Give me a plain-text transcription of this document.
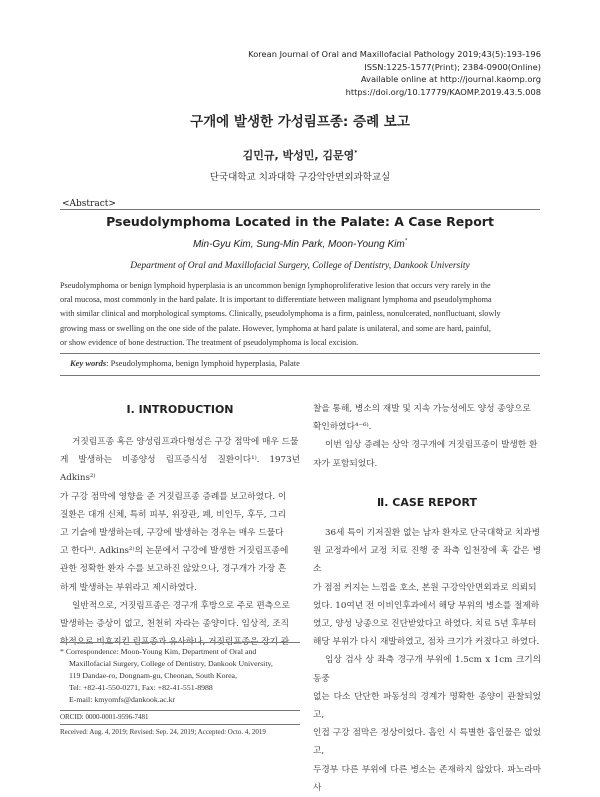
Korean Journal of Oral and Maxillofacial Pathology 2019;43(5):193-196
ISSN:1225-1577(Print); 2384-0900(Online)
Available online at http://journal.kaomp.org
https://doi.org/10.17779/KAOMP.2019.43.5.008
구개에 발생한 가성림프종: 증례 보고
김민규, 박성민, 김문영*
단국대학교 치과대학 구강악안면외과학교실
<Abstract>
Pseudolymphoma Located in the Palate: A Case Report
Min-Gyu Kim, Sung-Min Park, Moon-Young Kim*
Department of Oral and Maxillofacial Surgery, College of Dentistry, Dankook University
Pseudolymphoma or benign lymphoid hyperplasia is an uncommon benign lymphoproliferative lesion that occurs very rarely in the
oral mucosa, most commonly in the hard palate. It is important to differentiate between malignant lymphoma and pseudolymphoma
with similar clinical and morphological symptoms. Clinically, pseudolymphoma is a firm, painless, nonulcerated, nonfluctuant, slowly
growing mass or swelling on the one side of the palate. However, lymphoma at hard palate is unilateral, and some are hard, painful,
or show evidence of bone destruction. The treatment of pseudolymphoma is local excision.
Key words: Pseudolymphoma, benign lymphoid hyperplasia, Palate
Ⅰ. INTRODUCTION
거짓림프종 혹은 양성림프과다형성은 구강 점막에 매우 드물
게 발생하는 비종양성 림프증식성 질환이다¹⁾. 1973년 Adkins²⁾
가 구강 점막에 영향을 준 거짓림프종 증례를 보고하였다. 이
질환은 대개 신체, 특히 피부, 위장관, 폐, 비인두, 후두, 그리
고 기슭에 발생하는데, 구강에 발생하는 경우는 매우 드물다
고 한다³⁾. Adkins²⁾의 논문에서 구강에 발생한 거짓림프종에
관한 정확한 환자 수를 보고하진 않았으나, 경구개가 가장 흔
하게 발생하는 부위라고 제시하였다.
일반적으로, 거짓림프종은 경구개 후방으로 주로 편측으로
발생하는 증상이 없고, 천천히 자라는 종양이다. 임상적, 조직
학적으로 비호지킨 림프종과 유사하나, 거짓림프종은 장기 관
* Correspondence: Moon-Young Kim, Department of Oral and
Maxillofacial Surgery, College of Dentistry, Dankook University,
119 Dandae-ro, Dongnam-gu, Cheonan, South Korea,
Tel: +82-41-550-0271, Fax: +82-41-551-8988
E-mail: kmyomfs@dankook.ac.kr
ORCID: 0000-0001-9596-7481
Received: Aug. 4, 2019; Revised: Sep. 24, 2019; Accepted: Octo. 4, 2019
찰을 통해, 병소의 재발 및 지속 가능성에도 양성 종양으로
확인하였다⁴⁻⁶⁾.
이번 임상 증례는 상악 경구개에 거짓림프종이 발생한 환
자가 포함되었다.
Ⅱ. CASE REPORT
36세 특이 기저질환 없는 남자 환자로 단국대학교 치과병
원 교정과에서 교정 치료 진행 중 좌측 입천장에 혹 같은 병소
가 점점 커지는 느낌을 호소, 본원 구강악안면외과로 의뢰되
었다. 10여년 전 이비인후과에서 해당 부위의 병소를 절제하
였고, 양성 낭종으로 진단받았다고 하였다. 치료 5년 후부터
해당 부위가 다시 재발하였고, 점차 크기가 커졌다고 하였다.
임상 검사 상 좌측 경구개 부위에 1.5cm x 1cm 크기의 동중
없는 다소 단단한 파동성의 경계가 명확한 종양이 관찰되었고,
인접 구강 점막은 정상이었다. 흡인 시 특별한 흡인물은 없었고,
두경부 다른 부위에 다른 병소는 존재하지 않았다. 파노라마 사
